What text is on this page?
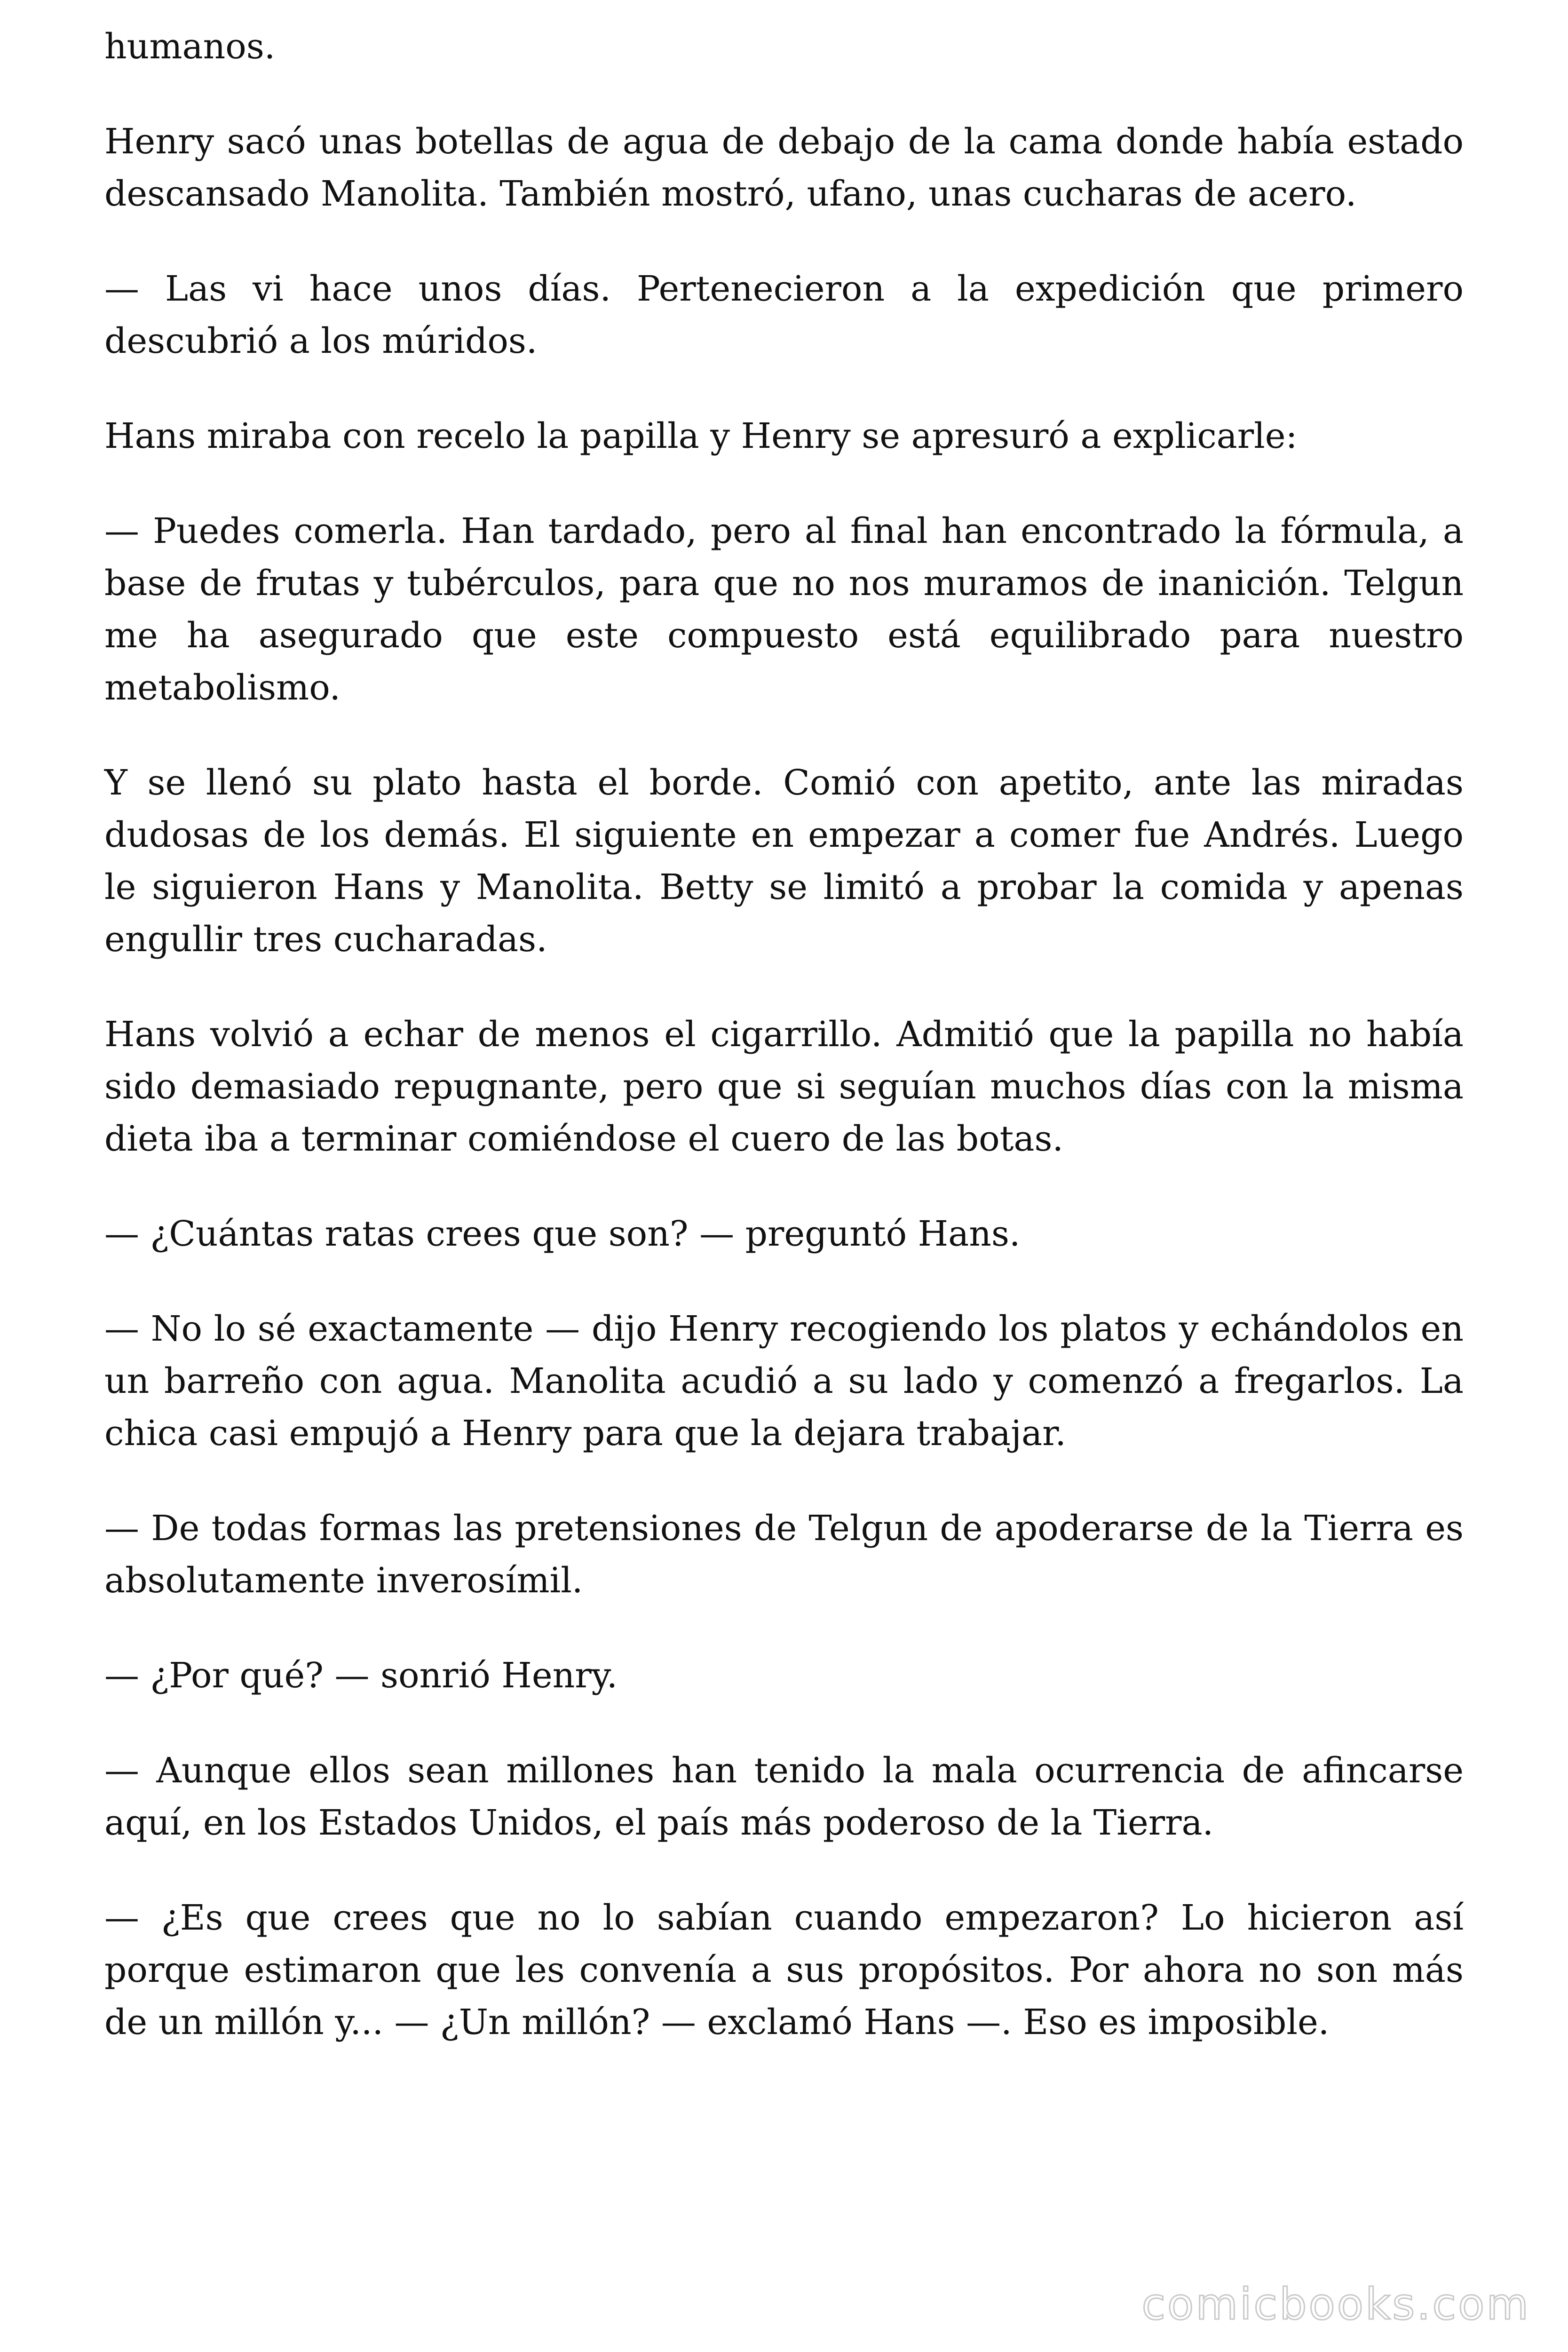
humanos.

Henry sacó unas botellas de agua de debajo de la cama donde había estado descansado Manolita. También mostró, ufano, unas cucharas de acero.

— Las vi hace unos días. Pertenecieron a la expedición que primero descubrió a los múridos.

Hans miraba con recelo la papilla y Henry se apresuró a explicarle:

— Puedes comerla. Han tardado, pero al final han encontrado la fórmula, a base de frutas y tubérculos, para que no nos muramos de inanición. Telgun me ha asegurado que este compuesto está equilibrado para nuestro metabolismo.

Y se llenó su plato hasta el borde. Comió con apetito, ante las miradas dudosas de los demás. El siguiente en empezar a comer fue Andrés. Luego le siguieron Hans y Manolita. Betty se limitó a probar la comida y apenas engullir tres cucharadas.

Hans volvió a echar de menos el cigarrillo. Admitió que la papilla no había sido demasiado repugnante, pero que si seguían muchos días con la misma dieta iba a terminar comiéndose el cuero de las botas.

— ¿Cuántas ratas crees que son? — preguntó Hans.

— No lo sé exactamente — dijo Henry recogiendo los platos y echándolos en un barreño con agua. Manolita acudió a su lado y comenzó a fregarlos. La chica casi empujó a Henry para que la dejara trabajar.

— De todas formas las pretensiones de Telgun de apoderarse de la Tierra es absolutamente inverosímil.

— ¿Por qué? — sonrió Henry.

— Aunque ellos sean millones han tenido la mala ocurrencia de afincarse aquí, en los Estados Unidos, el país más poderoso de la Tierra.

— ¿Es que crees que no lo sabían cuando empezaron? Lo hicieron así porque estimaron que les convenía a sus propósitos. Por ahora no son más de un millón y... — ¿Un millón? — exclamó Hans —. Eso es imposible.

comicbooks.com
